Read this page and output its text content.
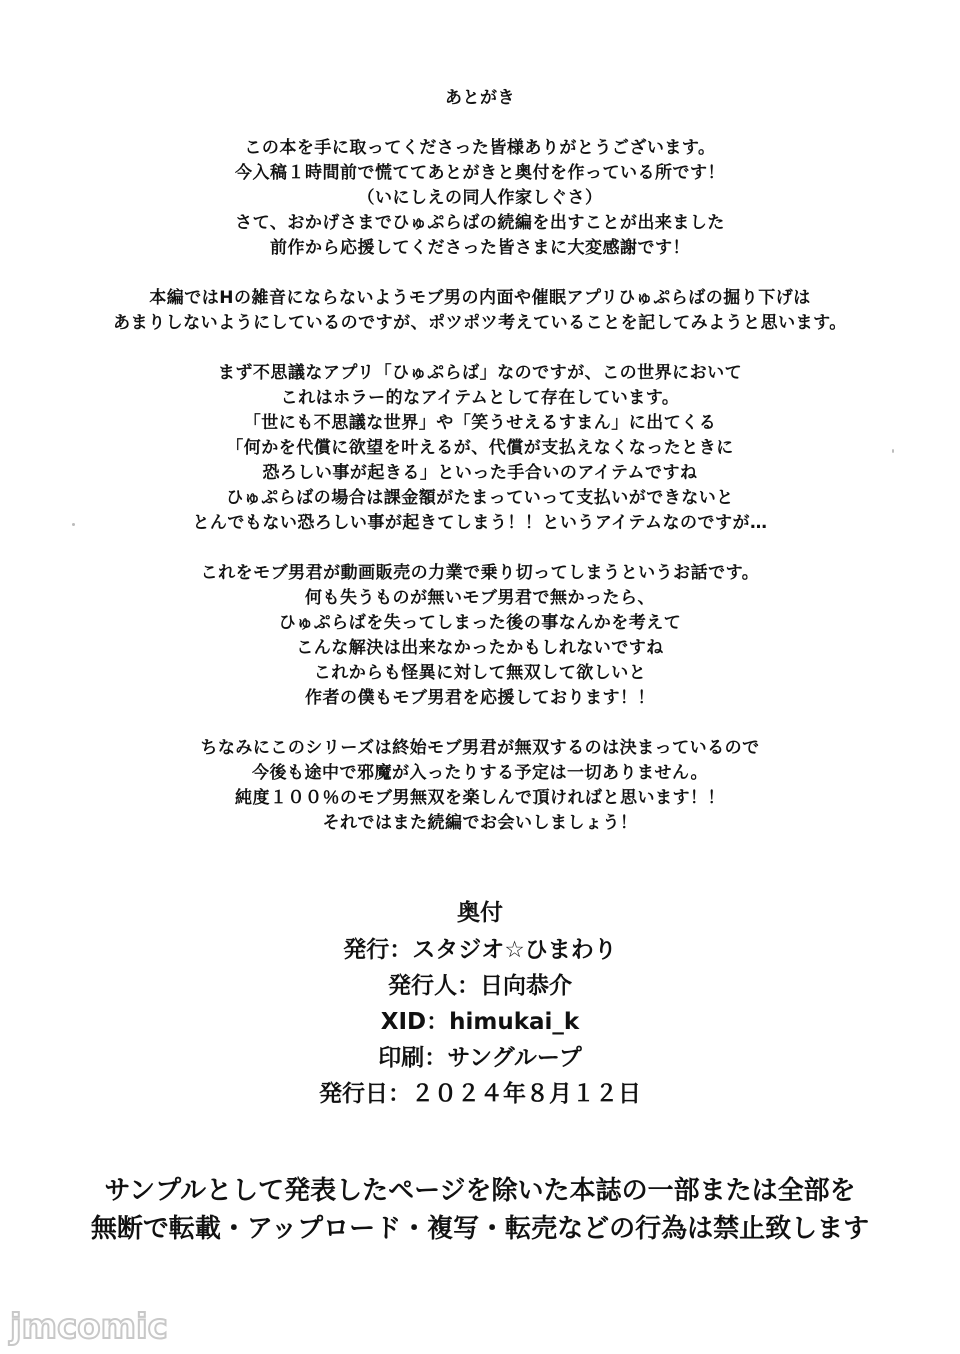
あとがき
この本を手に取ってくださった皆様ありがとうございます。
今入稿１時間前で慌ててあとがきと奥付を作っている所です！
（いにしえの同人作家しぐさ）
さて、おかげさまでひゅぷらばの続編を出すことが出来ました
前作から応援してくださった皆さまに大変感謝です！
本編ではHの雑音にならないようモブ男の内面や催眠アプリひゅぷらばの掘り下げは
あまりしないようにしているのですが、ポツポツ考えていることを記してみようと思います。
まず不思議なアプリ「ひゅぷらば」なのですが、この世界において
これはホラー的なアイテムとして存在しています。
「世にも不思議な世界」や「笑うせえるすまん」に出てくる
「何かを代償に欲望を叶えるが、代償が支払えなくなったときに
恐ろしい事が起きる」といった手合いのアイテムですね
ひゅぷらばの場合は課金額がたまっていって支払いができないと
とんでもない恐ろしい事が起きてしまう！！というアイテムなのですが…
これをモブ男君が動画販売の力業で乗り切ってしまうというお話です。
何も失うものが無いモブ男君で無かったら、
ひゅぷらばを失ってしまった後の事なんかを考えて
こんな解決は出来なかったかもしれないですね
これからも怪異に対して無双して欲しいと
作者の僕もモブ男君を応援しております！！
ちなみにこのシリーズは終始モブ男君が無双するのは決まっているので
今後も途中で邪魔が入ったりする予定は一切ありません。
純度１００％のモブ男無双を楽しんで頂ければと思います！！
それではまた続編でお会いしましょう！
奥付
発行：スタジオ☆ひまわり
発行人：日向恭介
XID：himukai_k
印刷：サングループ
発行日：２０２４年８月１２日
サンプルとして発表したページを除いた本誌の一部または全部を
無断で転載・アップロード・複写・転売などの行為は禁止致します
jmcomic
